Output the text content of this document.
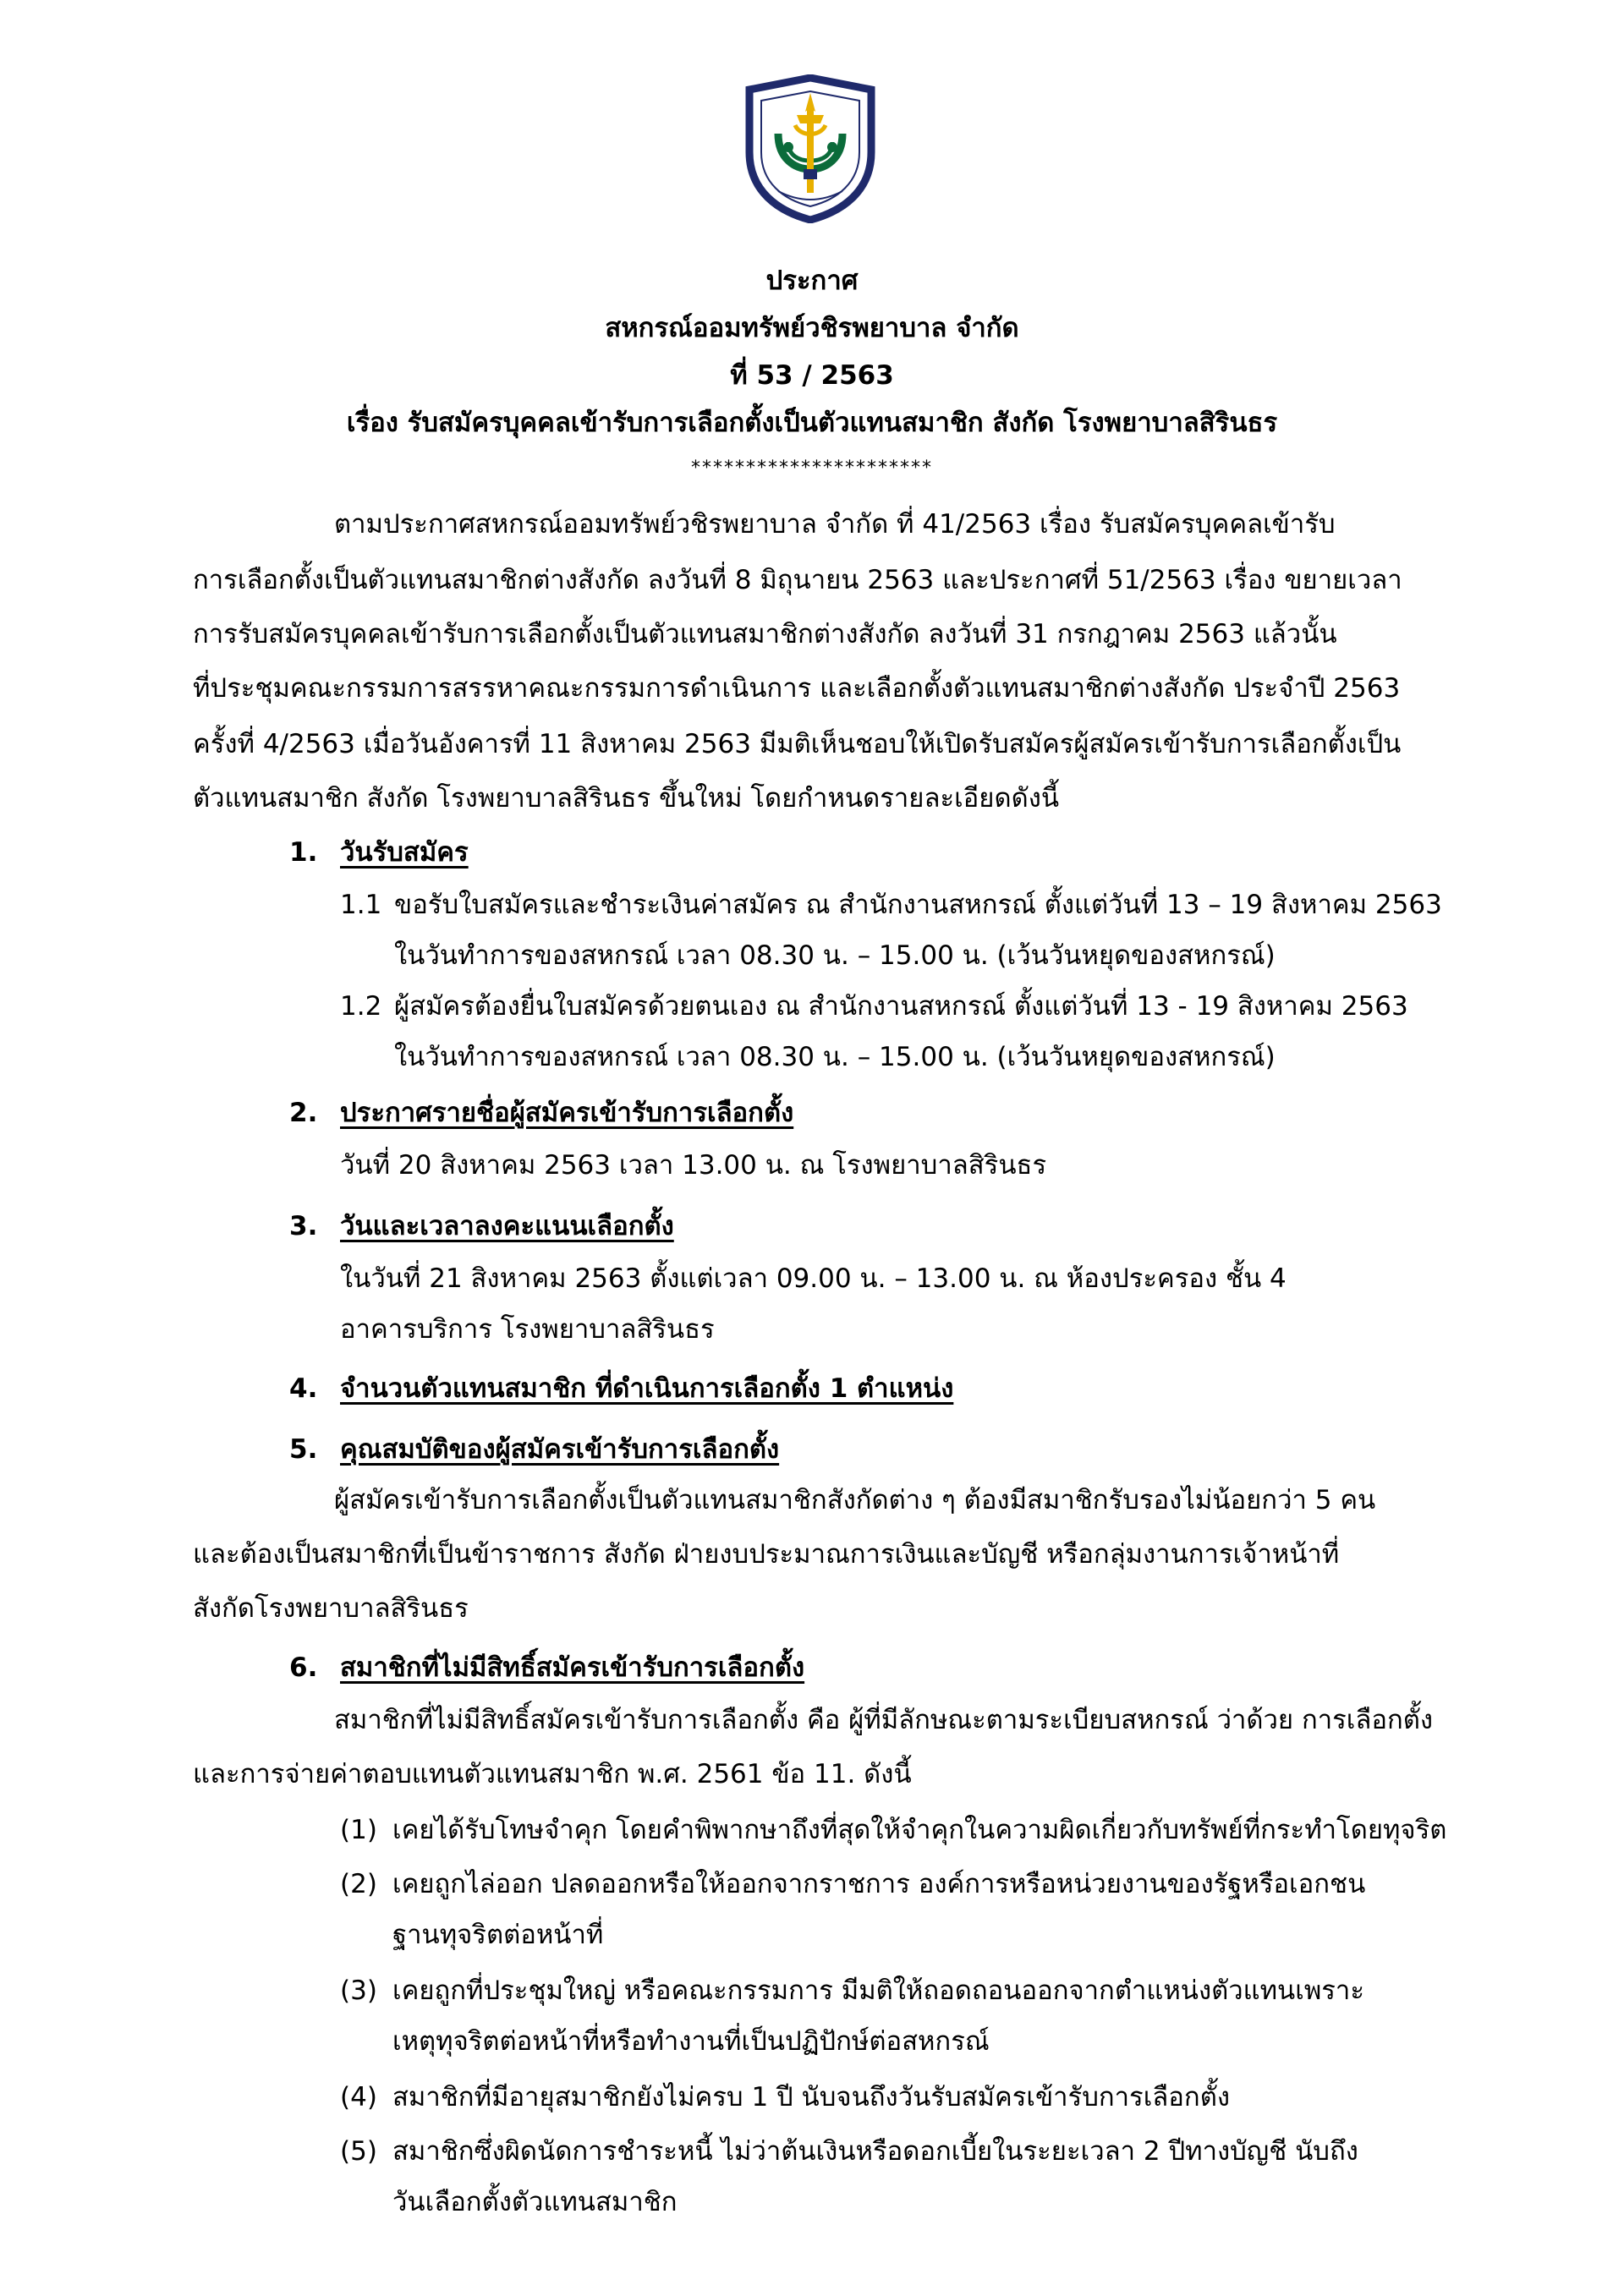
ประกาศ
สหกรณ์ออมทรัพย์วชิรพยาบาล จำกัด
ที่ 53 / 2563
เรื่อง รับสมัครบุคคลเข้ารับการเลือกตั้งเป็นตัวแทนสมาชิก สังกัด โรงพยาบาลสิรินธร
**********************
ตามประกาศสหกรณ์ออมทรัพย์วชิรพยาบาล จำกัด ที่ 41/2563 เรื่อง รับสมัครบุคคลเข้ารับ
การเลือกตั้งเป็นตัวแทนสมาชิกต่างสังกัด ลงวันที่ 8 มิถุนายน 2563 และประกาศที่ 51/2563 เรื่อง ขยายเวลา
การรับสมัครบุคคลเข้ารับการเลือกตั้งเป็นตัวแทนสมาชิกต่างสังกัด ลงวันที่ 31 กรกฎาคม 2563 แล้วนั้น
ที่ประชุมคณะกรรมการสรรหาคณะกรรมการดำเนินการ และเลือกตั้งตัวแทนสมาชิกต่างสังกัด ประจำปี 2563
ครั้งที่ 4/2563 เมื่อวันอังคารที่ 11 สิงหาคม 2563 มีมติเห็นชอบให้เปิดรับสมัครผู้สมัครเข้ารับการเลือกตั้งเป็น
ตัวแทนสมาชิก สังกัด โรงพยาบาลสิรินธร ขึ้นใหม่ โดยกำหนดรายละเอียดดังนี้
1. วันรับสมัคร
1.1 ขอรับใบสมัครและชำระเงินค่าสมัคร ณ สำนักงานสหกรณ์ ตั้งแต่วันที่ 13 – 19 สิงหาคม 2563
ในวันทำการของสหกรณ์ เวลา 08.30 น. – 15.00 น. (เว้นวันหยุดของสหกรณ์)
1.2 ผู้สมัครต้องยื่นใบสมัครด้วยตนเอง ณ สำนักงานสหกรณ์ ตั้งแต่วันที่ 13 - 19 สิงหาคม 2563
ในวันทำการของสหกรณ์ เวลา 08.30 น. – 15.00 น. (เว้นวันหยุดของสหกรณ์)
2. ประกาศรายชื่อผู้สมัครเข้ารับการเลือกตั้ง
วันที่ 20 สิงหาคม 2563 เวลา 13.00 น. ณ โรงพยาบาลสิรินธร
3. วันและเวลาลงคะแนนเลือกตั้ง
ในวันที่ 21 สิงหาคม 2563 ตั้งแต่เวลา 09.00 น. – 13.00 น. ณ ห้องประครอง ชั้น 4
อาคารบริการ โรงพยาบาลสิรินธร
4. จำนวนตัวแทนสมาชิก ที่ดำเนินการเลือกตั้ง 1 ตำแหน่ง
5. คุณสมบัติของผู้สมัครเข้ารับการเลือกตั้ง
ผู้สมัครเข้ารับการเลือกตั้งเป็นตัวแทนสมาชิกสังกัดต่าง ๆ ต้องมีสมาชิกรับรองไม่น้อยกว่า 5 คน
และต้องเป็นสมาชิกที่เป็นข้าราชการ สังกัด ฝ่ายงบประมาณการเงินและบัญชี หรือกลุ่มงานการเจ้าหน้าที่
สังกัดโรงพยาบาลสิรินธร
6. สมาชิกที่ไม่มีสิทธิ์สมัครเข้ารับการเลือกตั้ง
สมาชิกที่ไม่มีสิทธิ์สมัครเข้ารับการเลือกตั้ง คือ ผู้ที่มีลักษณะตามระเบียบสหกรณ์ ว่าด้วย การเลือกตั้ง
และการจ่ายค่าตอบแทนตัวแทนสมาชิก พ.ศ. 2561 ข้อ 11. ดังนี้
(1) เคยได้รับโทษจำคุก โดยคำพิพากษาถึงที่สุดให้จำคุกในความผิดเกี่ยวกับทรัพย์ที่กระทำโดยทุจริต
(2) เคยถูกไล่ออก ปลดออกหรือให้ออกจากราชการ องค์การหรือหน่วยงานของรัฐหรือเอกชน
ฐานทุจริตต่อหน้าที่
(3) เคยถูกที่ประชุมใหญ่ หรือคณะกรรมการ มีมติให้ถอดถอนออกจากตำแหน่งตัวแทนเพราะ
เหตุทุจริตต่อหน้าที่หรือทำงานที่เป็นปฏิปักษ์ต่อสหกรณ์
(4) สมาชิกที่มีอายุสมาชิกยังไม่ครบ 1 ปี นับจนถึงวันรับสมัครเข้ารับการเลือกตั้ง
(5) สมาชิกซึ่งผิดนัดการชำระหนี้ ไม่ว่าต้นเงินหรือดอกเบี้ยในระยะเวลา 2 ปีทางบัญชี นับถึง
วันเลือกตั้งตัวแทนสมาชิก
